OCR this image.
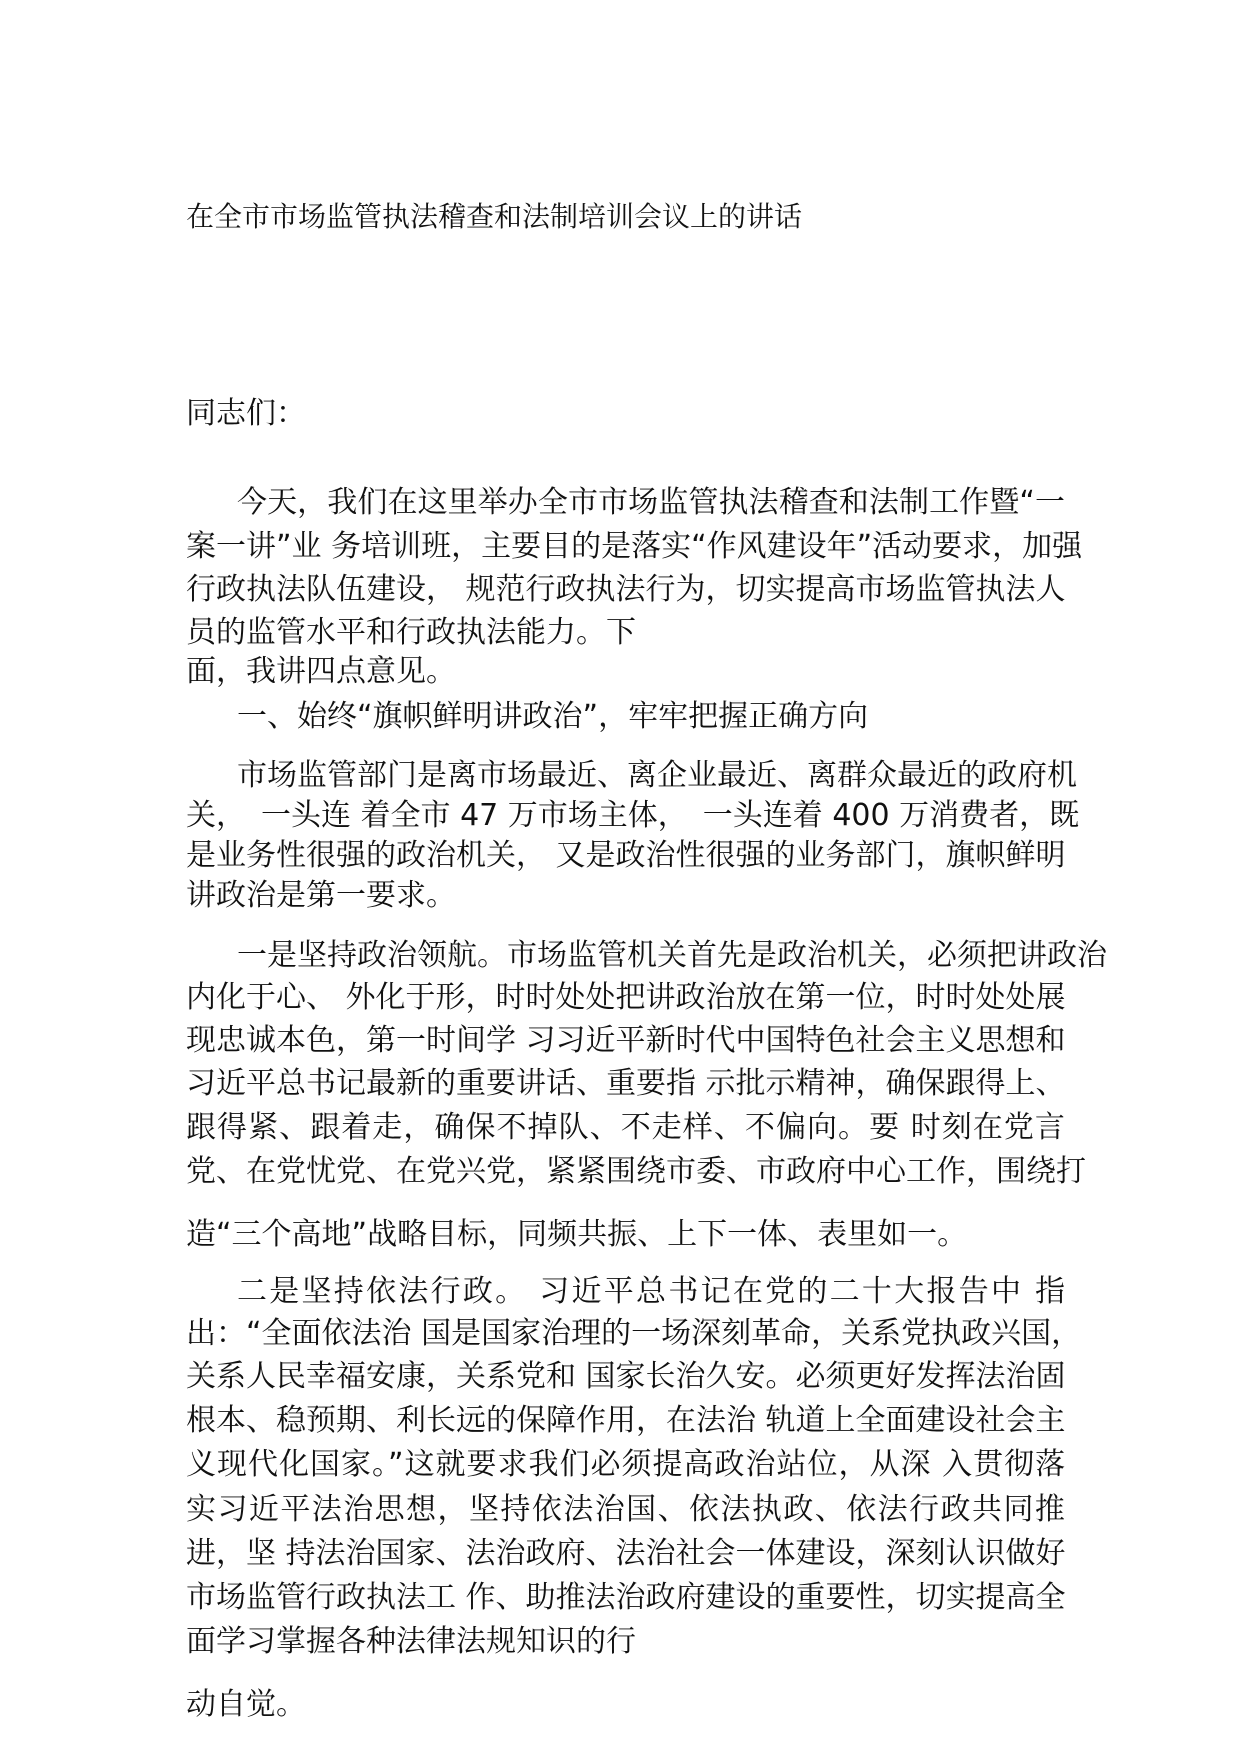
在全市市场监管执法稽查和法制培训会议上的讲话
同志们：
今天，我们在这里举办全市市场监管执法稽查和法制工作暨“一
案一讲”业 务培训班，主要目的是落实“作风建设年”活动要求，加强
行政执法队伍建设， 规范行政执法行为，切实提高市场监管执法人
员的监管水平和行政执法能力。下
面，我讲四点意见。
一、始终“旗帜鲜明讲政治”，牢牢把握正确方向
市场监管部门是离市场最近、离企业最近、离群众最近的政府机
关，　一头连 着全市 47 万市场主体，　一头连着 400 万消费者，既
是业务性很强的政治机关， 又是政治性很强的业务部门，旗帜鲜明
讲政治是第一要求。
一是坚持政治领航。市场监管机关首先是政治机关，必须把讲政治
内化于心、 外化于形，时时处处把讲政治放在第一位，时时处处展
现忠诚本色，第一时间学 习习近平新时代中国特色社会主义思想和
习近平总书记最新的重要讲话、重要指 示批示精神，确保跟得上、
跟得紧、跟着走，确保不掉队、不走样、不偏向。要 时刻在党言
党、在党忧党、在党兴党，紧紧围绕市委、市政府中心工作，围绕打
造“三个高地”战略目标，同频共振、上下一体、表里如一。
二是坚持依法行政。 习近平总书记在党的二十大报告中 指
出：“全面依法治 国是国家治理的一场深刻革命，关系党执政兴国，
关系人民幸福安康，关系党和 国家长治久安。必须更好发挥法治固
根本、稳预期、利长远的保障作用，在法治 轨道上全面建设社会主
义现代化国家。”这就要求我们必须提高政治站位，从深 入贯彻落
实习近平法治思想，坚持依法治国、依法执政、依法行政共同推
进，坚 持法治国家、法治政府、法治社会一体建设，深刻认识做好
市场监管行政执法工 作、助推法治政府建设的重要性，切实提高全
面学习掌握各种法律法规知识的行
动自觉。
